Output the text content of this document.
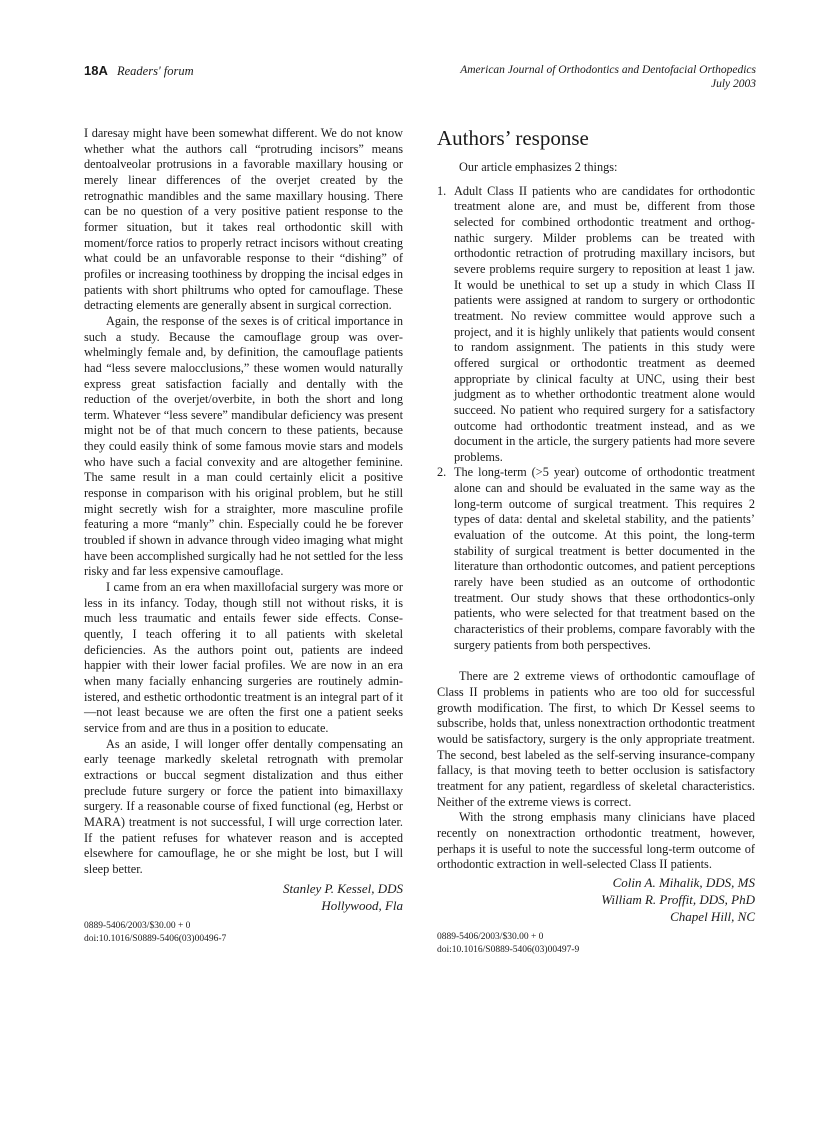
18A Readers' forum	American Journal of Orthodontics and Dentofacial Orthopedics
July 2003

I daresay might have been somewhat different. We do not know whether what the authors call “protruding incisors” means dentoalveolar protrusions in a favorable maxillary housing or merely linear differences of the overjet created by the retrognathic mandibles and the same maxillary housing. There can be no question of a very positive patient response to the former situation, but it takes real orthodontic skill with moment/force ratios to properly retract incisors without creating what could be an unfavorable response to their “dishing” of profiles or increasing toothiness by dropping the incisal edges in patients with short philtrums who opted for camouflage. These detracting elements are generally absent in surgical correction.

Again, the response of the sexes is of critical importance in such a study. Because the camouflage group was overwhelmingly female and, by definition, the camouflage patients had “less severe malocclusions,” these women would naturally express great satisfaction facially and dentally with the reduction of the overjet/overbite, in both the short and long term. Whatever “less severe” mandibular deficiency was present might not be of that much concern to these patients, because they could easily think of some famous movie stars and models who have such a facial convexity and are altogether feminine. The same result in a man could certainly elicit a positive response in comparison with his original problem, but he still might secretly wish for a straighter, more masculine profile featuring a more “manly” chin. Especially could he be forever troubled if shown in advance through video imaging what might have been accomplished surgically had he not settled for the less risky and far less expensive camouflage.

I came from an era when maxillofacial surgery was more or less in its infancy. Today, though still not without risks, it is much less traumatic and entails fewer side effects. Consequently, I teach offering it to all patients with skeletal deficiencies. As the authors point out, patients are indeed happier with their lower facial profiles. We are now in an era when many facially enhancing surgeries are routinely administered, and esthetic orthodontic treatment is an integral part of it—not least because we are often the first one a patient seeks service from and are thus in a position to educate.

As an aside, I will longer offer dentally compensating an early teenage markedly skeletal retrognath with premolar extractions or buccal segment distalization and thus either preclude future surgery or force the patient into bimaxillaxy surgery. If a reasonable course of fixed functional (eg, Herbst or MARA) treatment is not successful, I will urge correction later. If the patient refuses for whatever reason and is accepted elsewhere for camouflage, he or she might be lost, but I will sleep better.

Stanley P. Kessel, DDS
Hollywood, Fla
0889-5406/2003/$30.00 + 0
doi:10.1016/S0889-5406(03)00496-7
Authors’ response

Our article emphasizes 2 things:

1. Adult Class II patients who are candidates for orthodontic treatment alone are, and must be, different from those selected for combined orthodontic treatment and orthognathic surgery. Milder problems can be treated with orthodontic retraction of protruding maxillary incisors, but severe problems require surgery to reposition at least 1 jaw. It would be unethical to set up a study in which Class II patients were assigned at random to surgery or orthodontic treatment. No review committee would approve such a project, and it is highly unlikely that patients would consent to random assignment. The patients in this study were offered surgical or orthodontic treatment as deemed appropriate by clinical faculty at UNC, using their best judgment as to whether orthodontic treatment alone would succeed. No patient who required surgery for a satisfactory outcome had orthodontic treatment instead, and as we document in the article, the surgery patients had more severe problems.
2. The long-term (>5 year) outcome of orthodontic treatment alone can and should be evaluated in the same way as the long-term outcome of surgical treatment. This requires 2 types of data: dental and skeletal stability, and the patients’ evaluation of the outcome. At this point, the long-term stability of surgical treatment is better documented in the literature than orthodontic outcomes, and patient perceptions rarely have been studied as an outcome of orthodontic treatment. Our study shows that these orthodontics-only patients, who were selected for that treatment based on the characteristics of their problems, compare favorably with the surgery patients from both perspectives.

There are 2 extreme views of orthodontic camouflage of Class II problems in patients who are too old for successful growth modification. The first, to which Dr Kessel seems to subscribe, holds that, unless nonextraction orthodontic treatment would be satisfactory, surgery is the only appropriate treatment. The second, best labeled as the self-serving insurance-company fallacy, is that moving teeth to better occlusion is satisfactory treatment for any patient, regardless of skeletal characteristics. Neither of the extreme views is correct.

With the strong emphasis many clinicians have placed recently on nonextraction orthodontic treatment, however, perhaps it is useful to note the successful long-term outcome of orthodontic extraction in well-selected Class II patients.

Colin A. Mihalik, DDS, MS
William R. Proffit, DDS, PhD
Chapel Hill, NC
0889-5406/2003/$30.00 + 0
doi:10.1016/S0889-5406(03)00497-9
